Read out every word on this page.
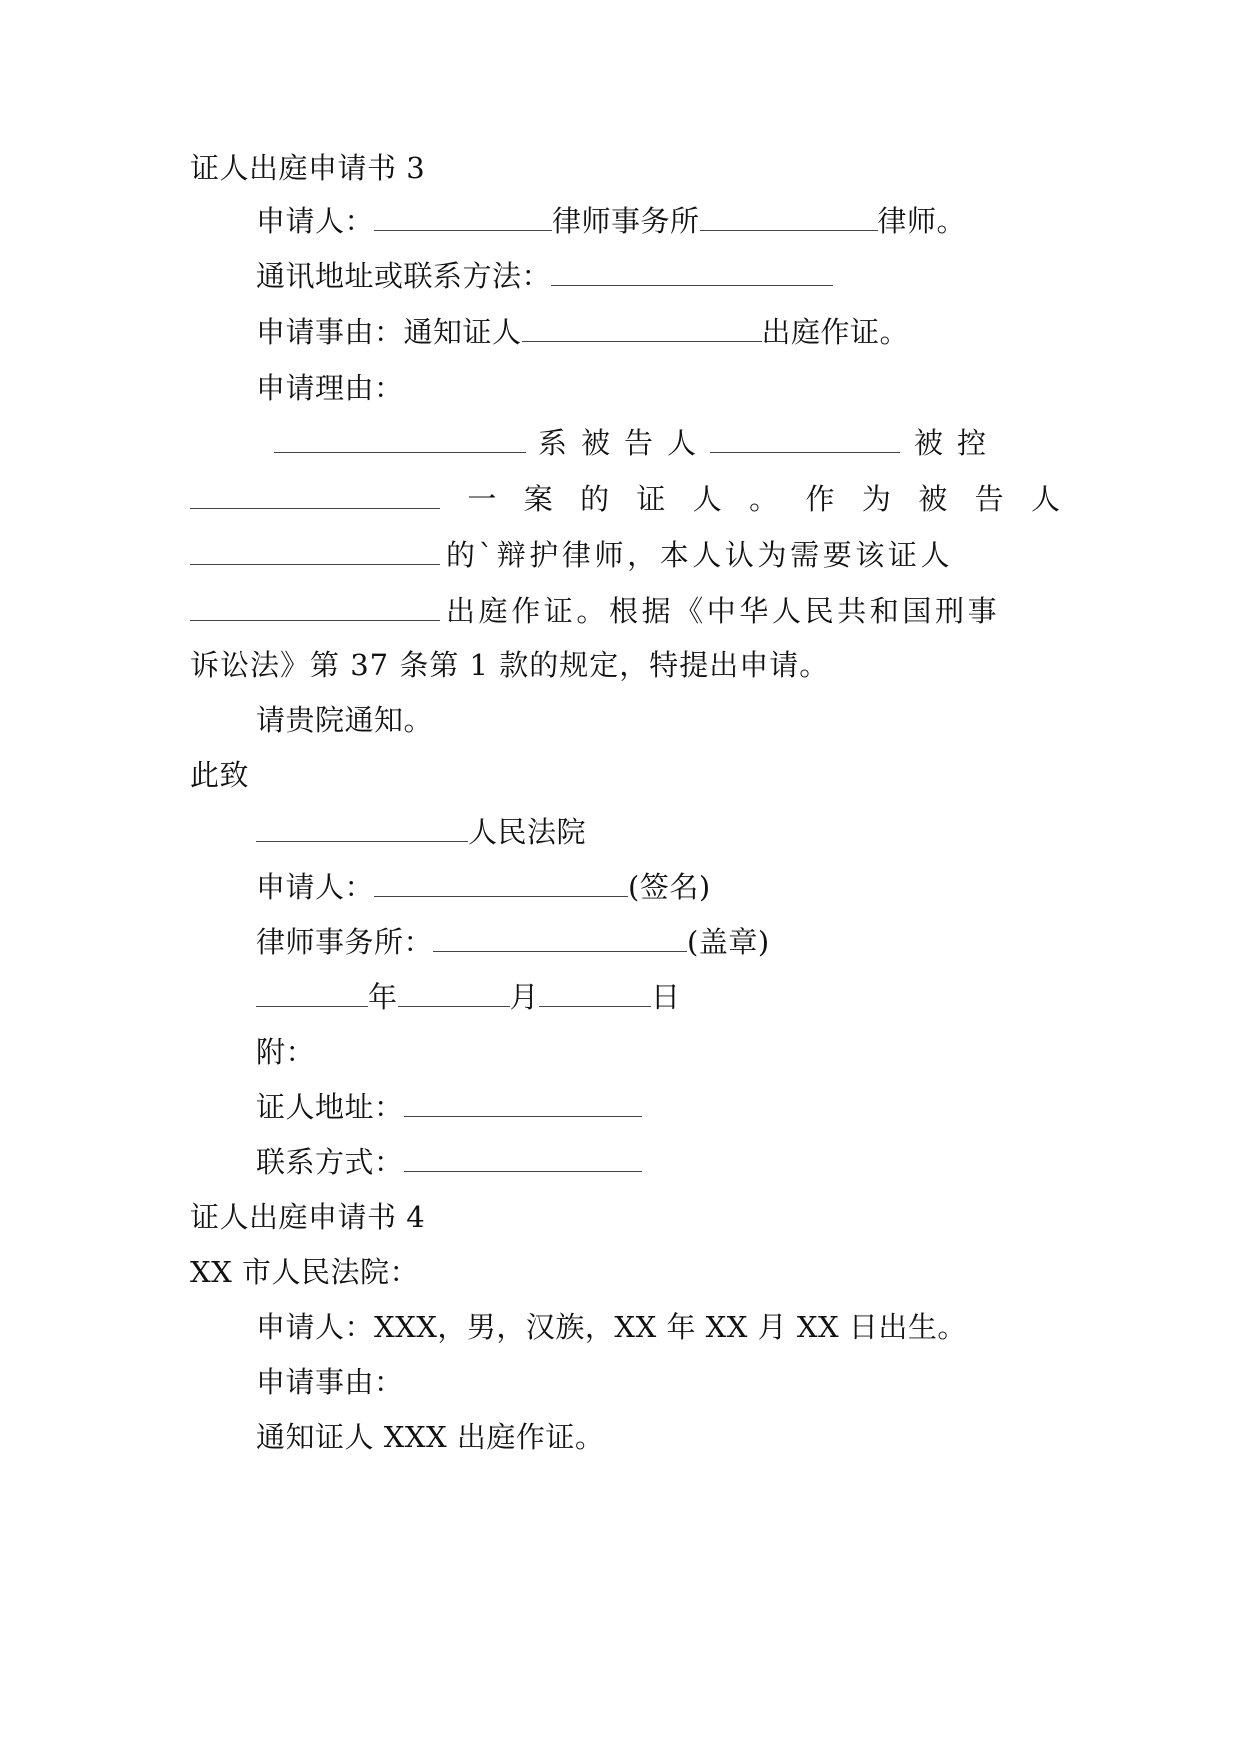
证人出庭申请书 3
申请人：	律师事务所	律师。
通讯地址或联系方法：
申请事由：通知证人	出庭作证。
申请理由：
系被告人	被控
一 案 的 证 人 。 作 为 被 告 人
的`辩护律师，本人认为需要该证人
出庭作证。根据《中华人民共和国刑事
诉讼法》第 37 条第 1 款的规定，特提出申请。
请贵院通知。
此致
人民法院
申请人：	(签名)
律师事务所：	(盖章)
年	月	日
附：
证人地址：
联系方式：
证人出庭申请书 4
XX 市人民法院：
申请人：XXX，男，汉族，XX 年 XX 月 XX 日出生。
申请事由：
通知证人 XXX 出庭作证。
